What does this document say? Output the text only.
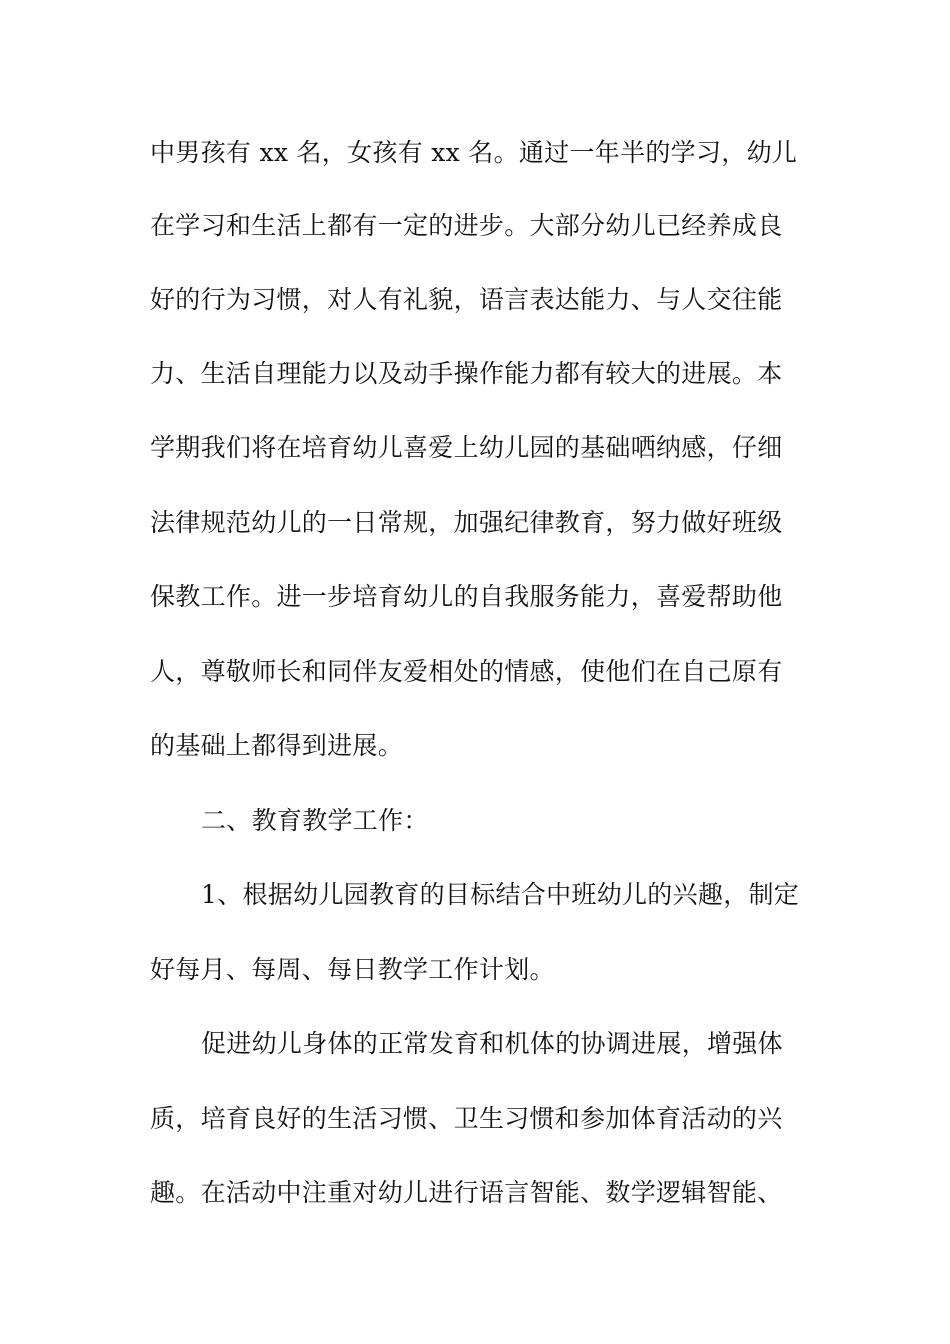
中男孩有 xx 名，女孩有 xx 名。通过一年半的学习，幼儿
在学习和生活上都有一定的进步。大部分幼儿已经养成良
好的行为习惯，对人有礼貌，语言表达能力、与人交往能
力、生活自理能力以及动手操作能力都有较大的进展。本
学期我们将在培育幼儿喜爱上幼儿园的基础哂纳感，仔细
法律规范幼儿的一日常规，加强纪律教育，努力做好班级
保教工作。进一步培育幼儿的自我服务能力，喜爱帮助他
人，尊敬师长和同伴友爱相处的情感，使他们在自己原有
的基础上都得到进展。
二、教育教学工作：
1、根据幼儿园教育的目标结合中班幼儿的兴趣，制定
好每月、每周、每日教学工作计划。
促进幼儿身体的正常发育和机体的协调进展，增强体
质，培育良好的生活习惯、卫生习惯和参加体育活动的兴
趣。在活动中注重对幼儿进行语言智能、数学逻辑智能、
